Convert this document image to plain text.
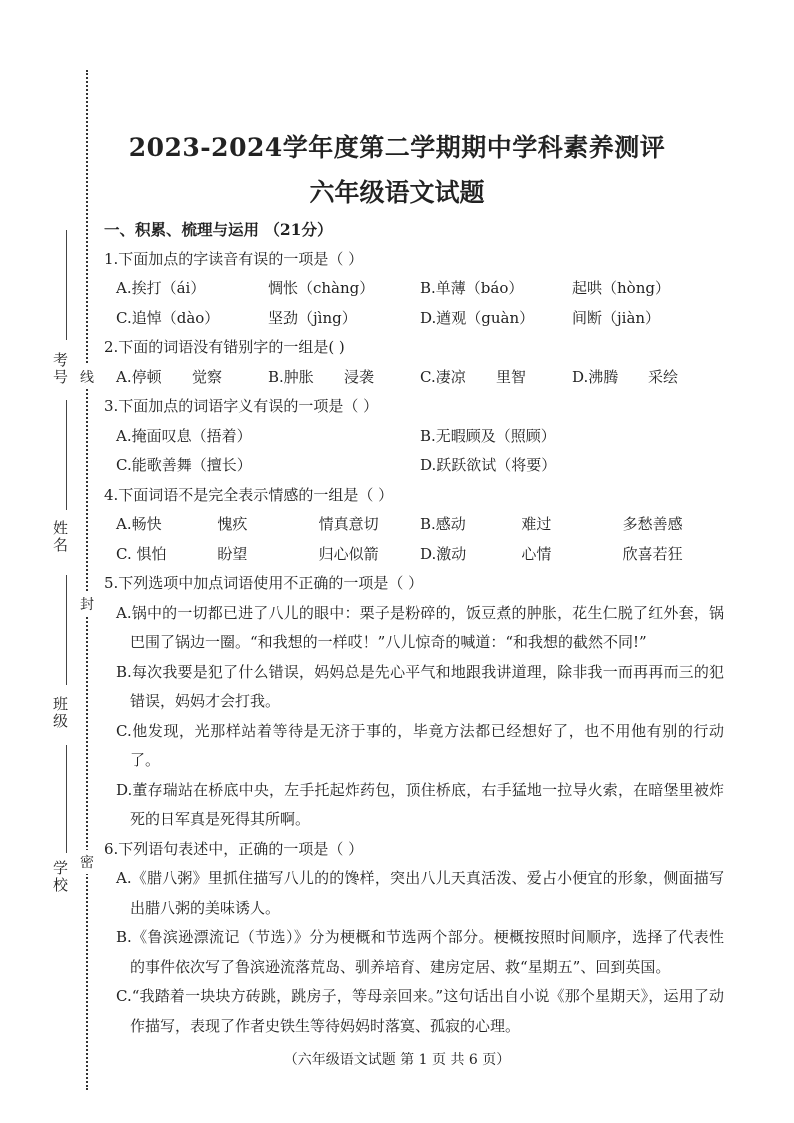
考号
姓名
班级
学校
线
封
密
2023-2024学年度第二学期期中学科素养测评
六年级语文试题
一、积累、梳理与运用 （21分）
1.下面加点的字读音有误的一项是（ ）
A.挨打（ái）	惆怅（chàng）	B.单薄（báo）	起哄（hòng）
C.追悼（dào）	坚劲（jìng）	D.遒观（guàn）	间断（jiàn）
2.下面的词语没有错别字的一组是( )
A.停顿	觉察	B.肿胀	浸袭	C.凄凉	里智	D.沸腾	采绘
3.下面加点的词语字义有误的一项是（ ）
A.掩面叹息（捂着）	B.无暇顾及（照顾）
C.能歌善舞（擅长）	D.跃跃欲试（将要）
4.下面词语不是完全表示情感的一组是（ ）
A.畅快	愧疚	情真意切	B.感动	难过	多愁善感
C. 惧怕	盼望	归心似箭	D.激动	心情	欣喜若狂
5.下列选项中加点词语使用不正确的一项是（ ）
A.锅中的一切都已进了八儿的眼中：栗子是粉碎的，饭豆煮的肿胀，花生仁脱了红外套，锅巴围了锅边一圈。“和我想的一样哎！”八儿惊奇的喊道：“和我想的截然不同!”
B.每次我要是犯了什么错误，妈妈总是先心平气和地跟我讲道理，除非我一而再再而三的犯错误，妈妈才会打我。
C.他发现，光那样站着等待是无济于事的，毕竟方法都已经想好了，也不用他有别的行动了。
D.董存瑞站在桥底中央，左手托起炸药包，顶住桥底，右手猛地一拉导火索，在暗堡里被炸死的日军真是死得其所啊。
6.下列语句表述中，正确的一项是（ ）
A.《腊八粥》里抓住描写八儿的的馋样，突出八儿天真活泼、爱占小便宜的形象，侧面描写出腊八粥的美味诱人。
B.《鲁滨逊漂流记（节选）》分为梗概和节选两个部分。梗概按照时间顺序，选择了代表性的事件依次写了鲁滨逊流落荒岛、驯养培育、建房定居、救“星期五”、回到英国。
C.“我踏着一块块方砖跳，跳房子，等母亲回来。”这句话出自小说《那个星期天》，运用了动作描写，表现了作者史铁生等待妈妈时落寞、孤寂的心理。
（六年级语文试题 第 1 页 共 6 页）
